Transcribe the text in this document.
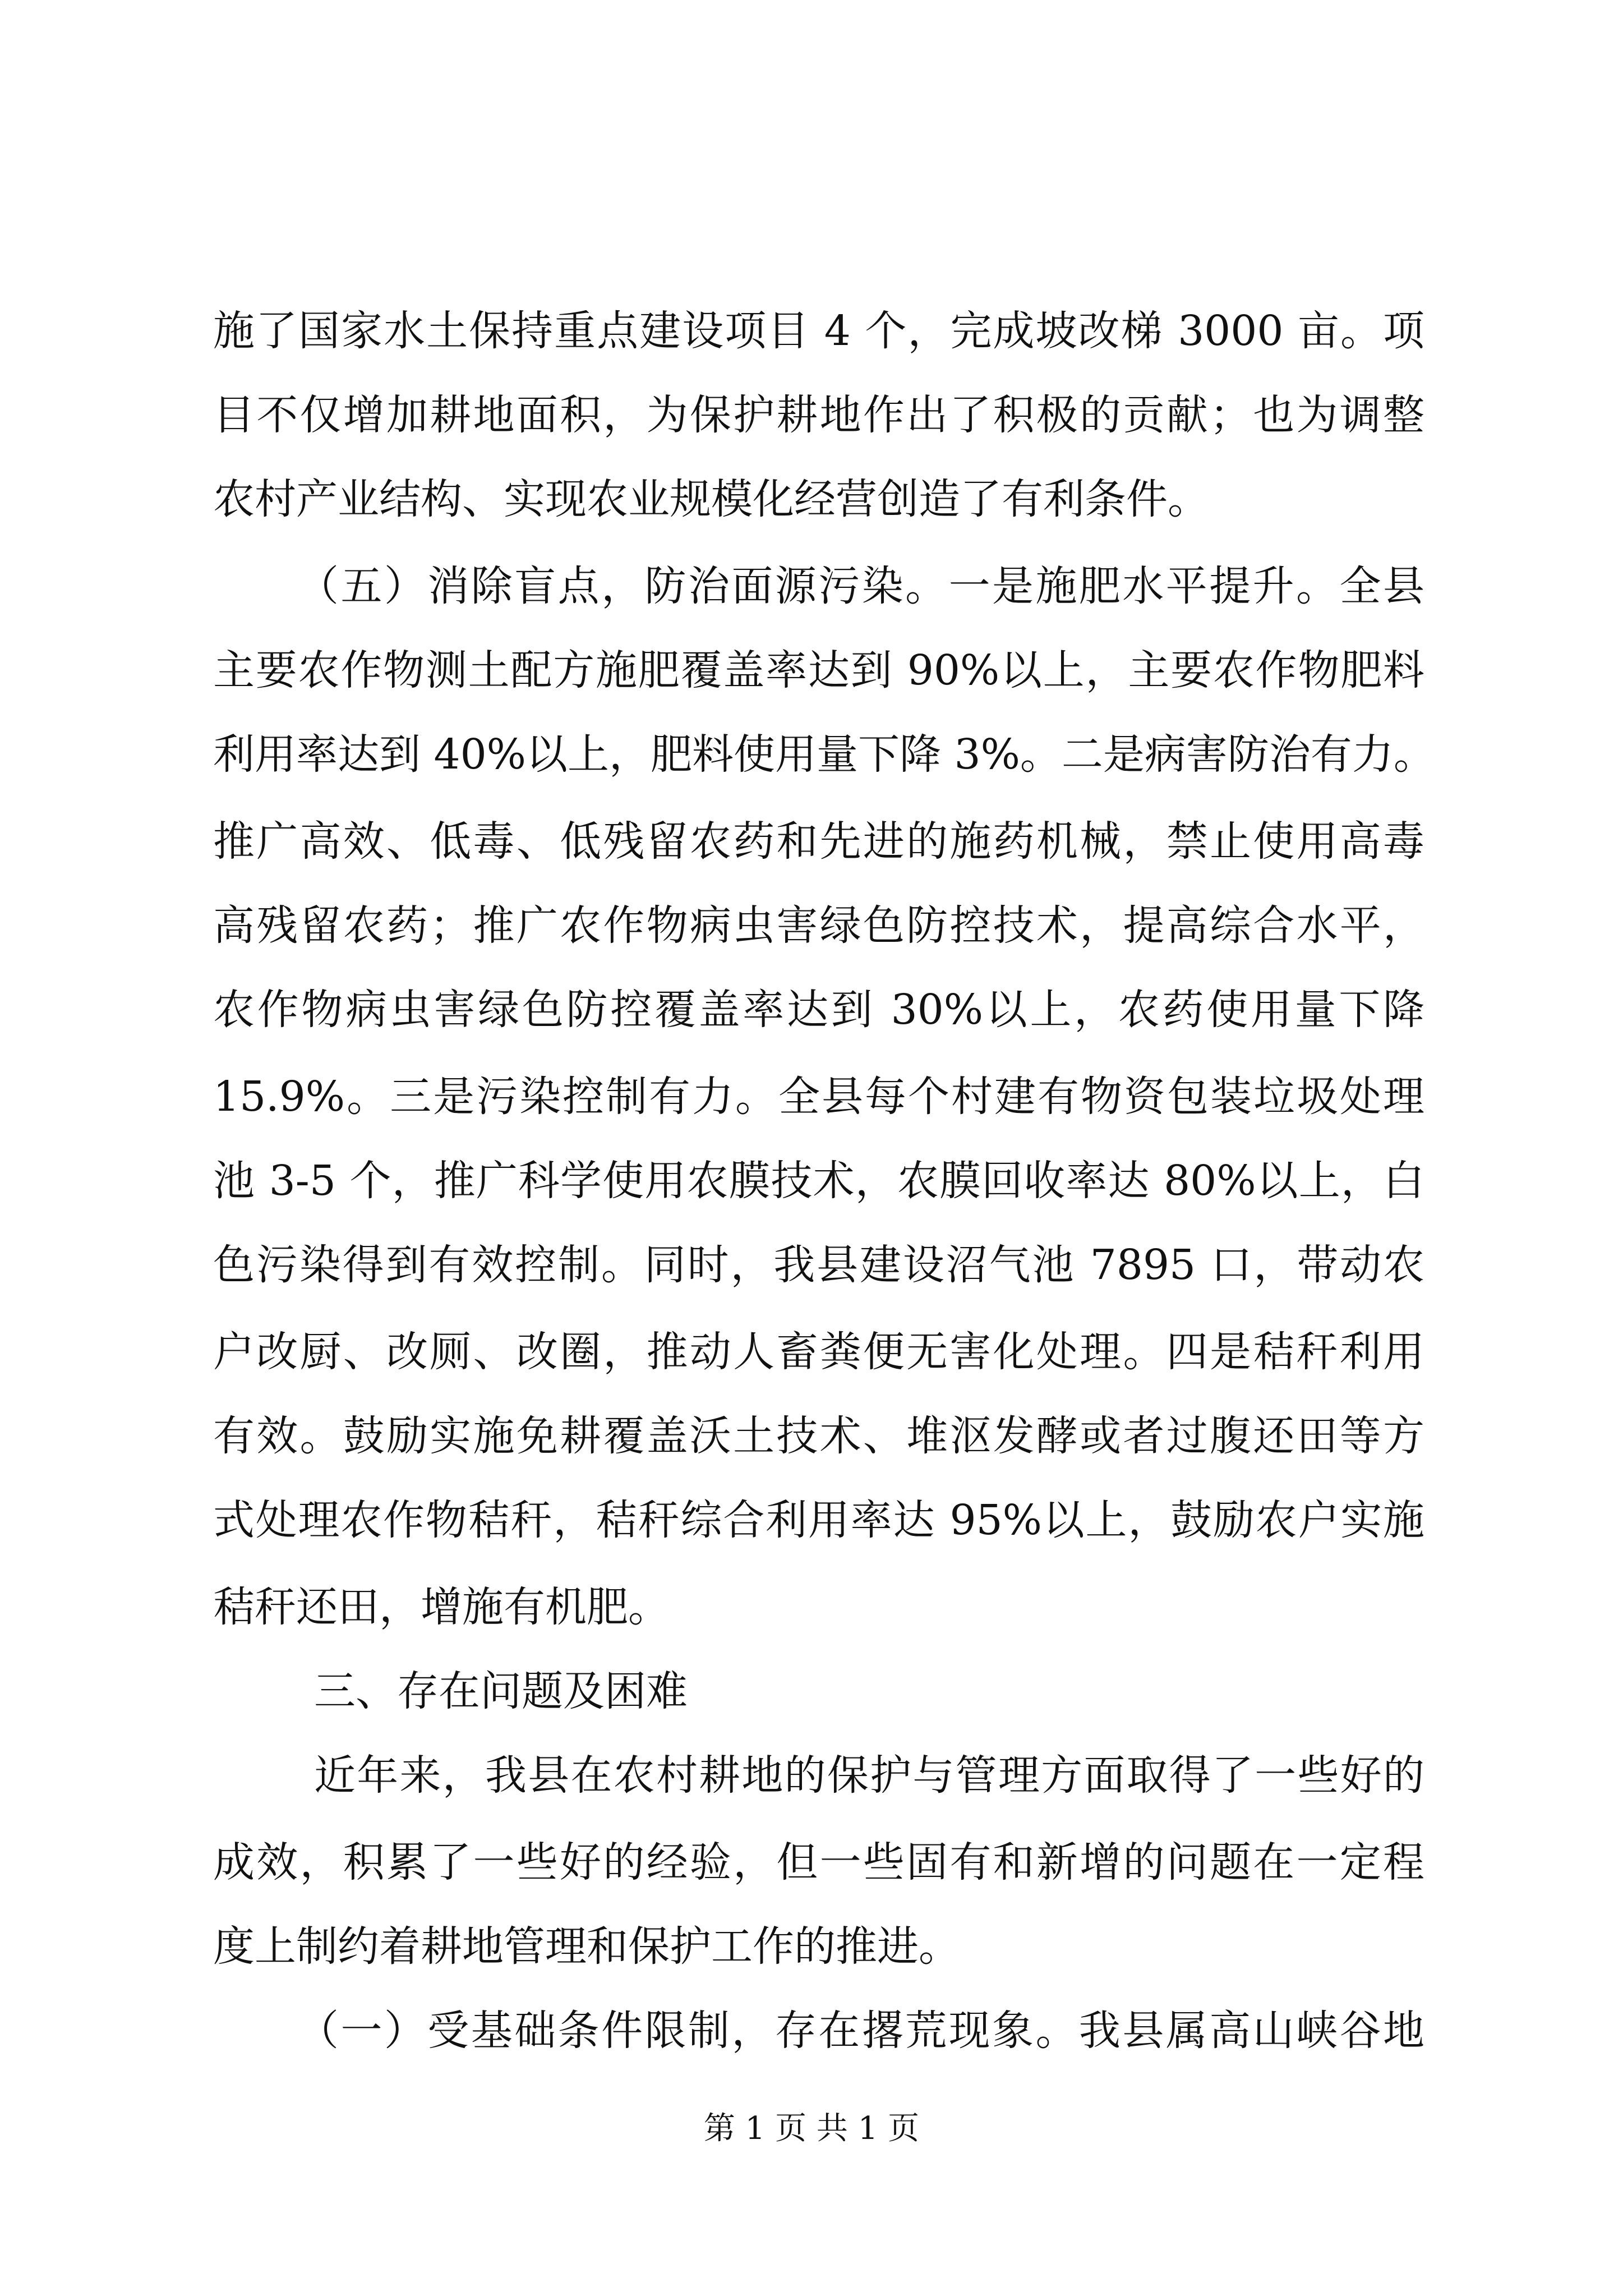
施了国家水土保持重点建设项目 4 个，完成坡改梯 3000 亩。项
目不仅增加耕地面积，为保护耕地作出了积极的贡献；也为调整
农村产业结构、实现农业规模化经营创造了有利条件。
（五）消除盲点，防治面源污染。一是施肥水平提升。全县
主要农作物测土配方施肥覆盖率达到 90%以上，主要农作物肥料
利用率达到 40%以上，肥料使用量下降 3%。二是病害防治有力。
推广高效、低毒、低残留农药和先进的施药机械，禁止使用高毒
高残留农药；推广农作物病虫害绿色防控技术，提高综合水平，
农作物病虫害绿色防控覆盖率达到 30%以上，农药使用量下降
15.9%。三是污染控制有力。全县每个村建有物资包装垃圾处理
池 3-5 个，推广科学使用农膜技术，农膜回收率达 80%以上，白
色污染得到有效控制。同时，我县建设沼气池 7895 口，带动农
户改厨、改厕、改圈，推动人畜粪便无害化处理。四是秸秆利用
有效。鼓励实施免耕覆盖沃土技术、堆沤发酵或者过腹还田等方
式处理农作物秸秆，秸秆综合利用率达 95%以上，鼓励农户实施
秸秆还田，增施有机肥。
三、存在问题及困难
近年来，我县在农村耕地的保护与管理方面取得了一些好的
成效，积累了一些好的经验，但一些固有和新增的问题在一定程
度上制约着耕地管理和保护工作的推进。
（一）受基础条件限制，存在撂荒现象。我县属高山峡谷地
第 1 页 共 1 页
